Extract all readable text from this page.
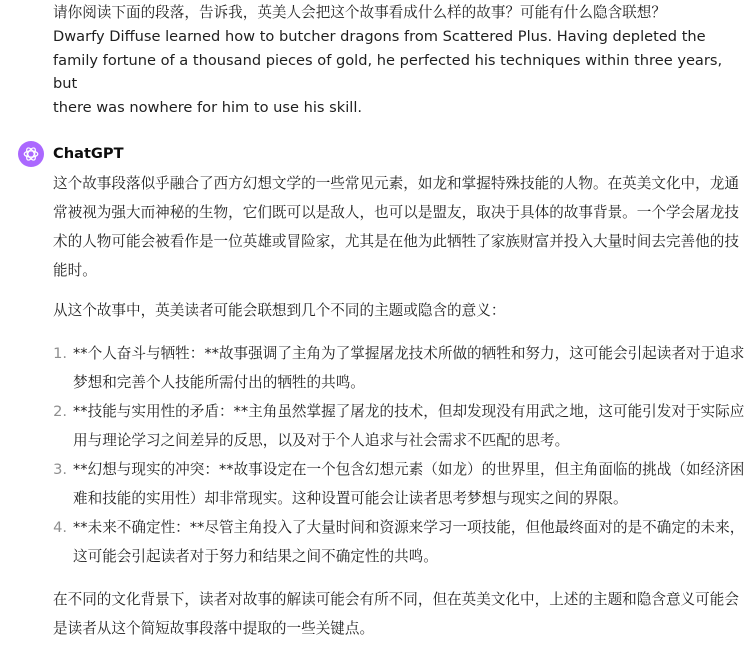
请你阅读下面的段落，告诉我，英美人会把这个故事看成什么样的故事？可能有什么隐含联想？
Dwarfy Diffuse learned how to butcher dragons from Scattered Plus. Having depleted the
family fortune of a thousand pieces of gold, he perfected his techniques within three years, but
there was nowhere for him to use his skill.
ChatGPT

这个故事段落似乎融合了西方幻想文学的一些常见元素，如龙和掌握特殊技能的人物。在英美文化中，龙通常被视为强大而神秘的生物，它们既可以是敌人，也可以是盟友，取决于具体的故事背景。一个学会屠龙技术的人物可能会被看作是一位英雄或冒险家，尤其是在他为此牺牲了家族财富并投入大量时间去完善他的技能时。

从这个故事中，英美读者可能会联想到几个不同的主题或隐含的意义：

1. **个人奋斗与牺牲：**故事强调了主角为了掌握屠龙技术所做的牺牲和努力，这可能会引起读者对于追求梦想和完善个人技能所需付出的牺牲的共鸣。
2. **技能与实用性的矛盾：**主角虽然掌握了屠龙的技术，但却发现没有用武之地，这可能引发对于实际应用与理论学习之间差异的反思，以及对于个人追求与社会需求不匹配的思考。
3. **幻想与现实的冲突：**故事设定在一个包含幻想元素（如龙）的世界里，但主角面临的挑战（如经济困难和技能的实用性）却非常现实。这种设置可能会让读者思考梦想与现实之间的界限。
4. **未来不确定性：**尽管主角投入了大量时间和资源来学习一项技能，但他最终面对的是不确定的未来，这可能会引起读者对于努力和结果之间不确定性的共鸣。

在不同的文化背景下，读者对故事的解读可能会有所不同，但在英美文化中，上述的主题和隐含意义可能会是读者从这个简短故事段落中提取的一些关键点。
